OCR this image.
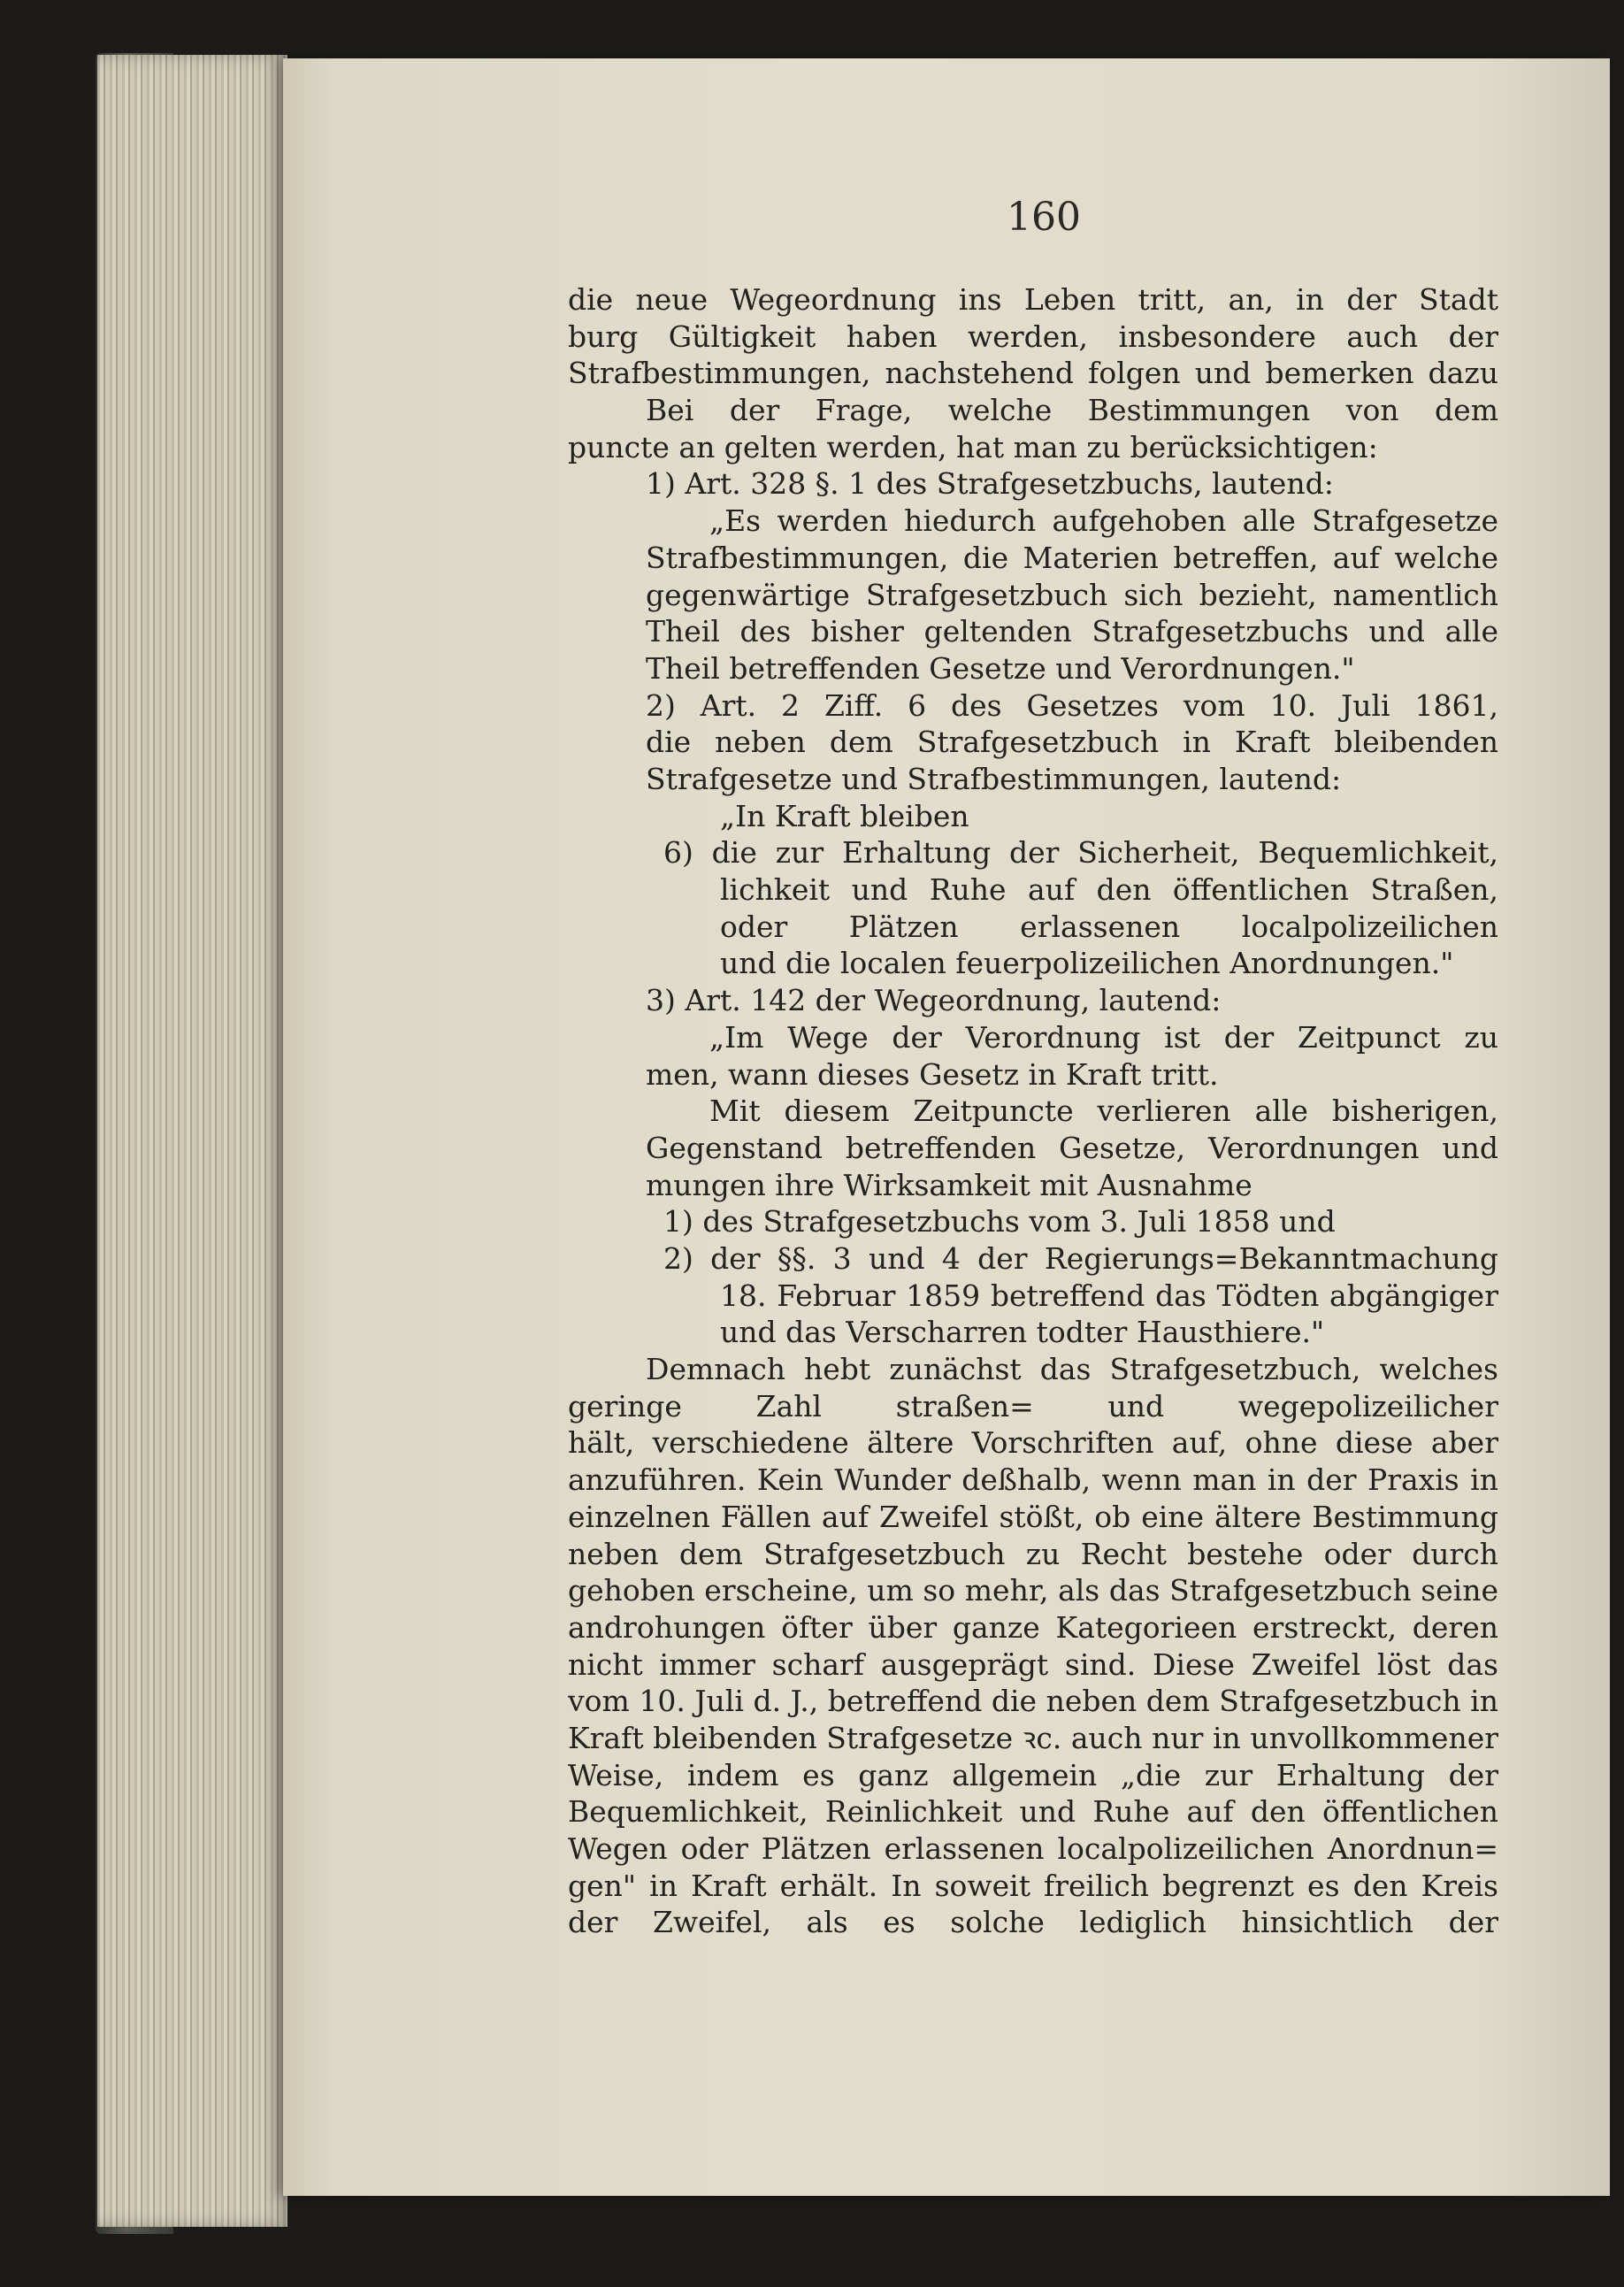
160
die neue Wegeordnung ins Leben tritt, an, in der Stadt
burg Gültigkeit haben werden, insbesondere auch der
Strafbestimmungen, nachstehend folgen und bemerken dazu
Bei der Frage, welche Bestimmungen von dem
puncte an gelten werden, hat man zu berücksichtigen:
1) Art. 328 §. 1 des Strafgesetzbuchs, lautend:
„Es werden hiedurch aufgehoben alle Strafgesetze
Strafbestimmungen, die Materien betreffen, auf welche
gegenwärtige Strafgesetzbuch sich bezieht, namentlich
Theil des bisher geltenden Strafgesetzbuchs und alle
Theil betreffenden Gesetze und Verordnungen."
2) Art. 2 Ziff. 6 des Gesetzes vom 10. Juli 1861,
die neben dem Strafgesetzbuch in Kraft bleibenden
Strafgesetze und Strafbestimmungen, lautend:
„In Kraft bleiben
6) die zur Erhaltung der Sicherheit, Bequemlichkeit,
lichkeit und Ruhe auf den öffentlichen Straßen,
oder Plätzen erlassenen localpolizeilichen
und die localen feuerpolizeilichen Anordnungen."
3) Art. 142 der Wegeordnung, lautend:
„Im Wege der Verordnung ist der Zeitpunct zu
men, wann dieses Gesetz in Kraft tritt.
Mit diesem Zeitpuncte verlieren alle bisherigen,
Gegenstand betreffenden Gesetze, Verordnungen und
mungen ihre Wirksamkeit mit Ausnahme
1) des Strafgesetzbuchs vom 3. Juli 1858 und
2) der §§. 3 und 4 der Regierungs=Bekanntmachung
18. Februar 1859 betreffend das Tödten abgängiger
und das Verscharren todter Hausthiere."
Demnach hebt zunächst das Strafgesetzbuch, welches
geringe Zahl straßen= und wegepolizeilicher
hält, verschiedene ältere Vorschriften auf, ohne diese aber
anzuführen. Kein Wunder deßhalb, wenn man in der Praxis in
einzelnen Fällen auf Zweifel stößt, ob eine ältere Bestimmung
neben dem Strafgesetzbuch zu Recht bestehe oder durch
gehoben erscheine, um so mehr, als das Strafgesetzbuch seine
androhungen öfter über ganze Kategorieen erstreckt, deren
nicht immer scharf ausgeprägt sind. Diese Zweifel löst das
vom 10. Juli d. J., betreffend die neben dem Strafgesetzbuch in
Kraft bleibenden Strafgesetze ꝛc. auch nur in unvollkommener
Weise, indem es ganz allgemein „die zur Erhaltung der
Bequemlichkeit, Reinlichkeit und Ruhe auf den öffentlichen
Wegen oder Plätzen erlassenen localpolizeilichen Anordnun=
gen" in Kraft erhält. In soweit freilich begrenzt es den Kreis
der Zweifel, als es solche lediglich hinsichtlich der
